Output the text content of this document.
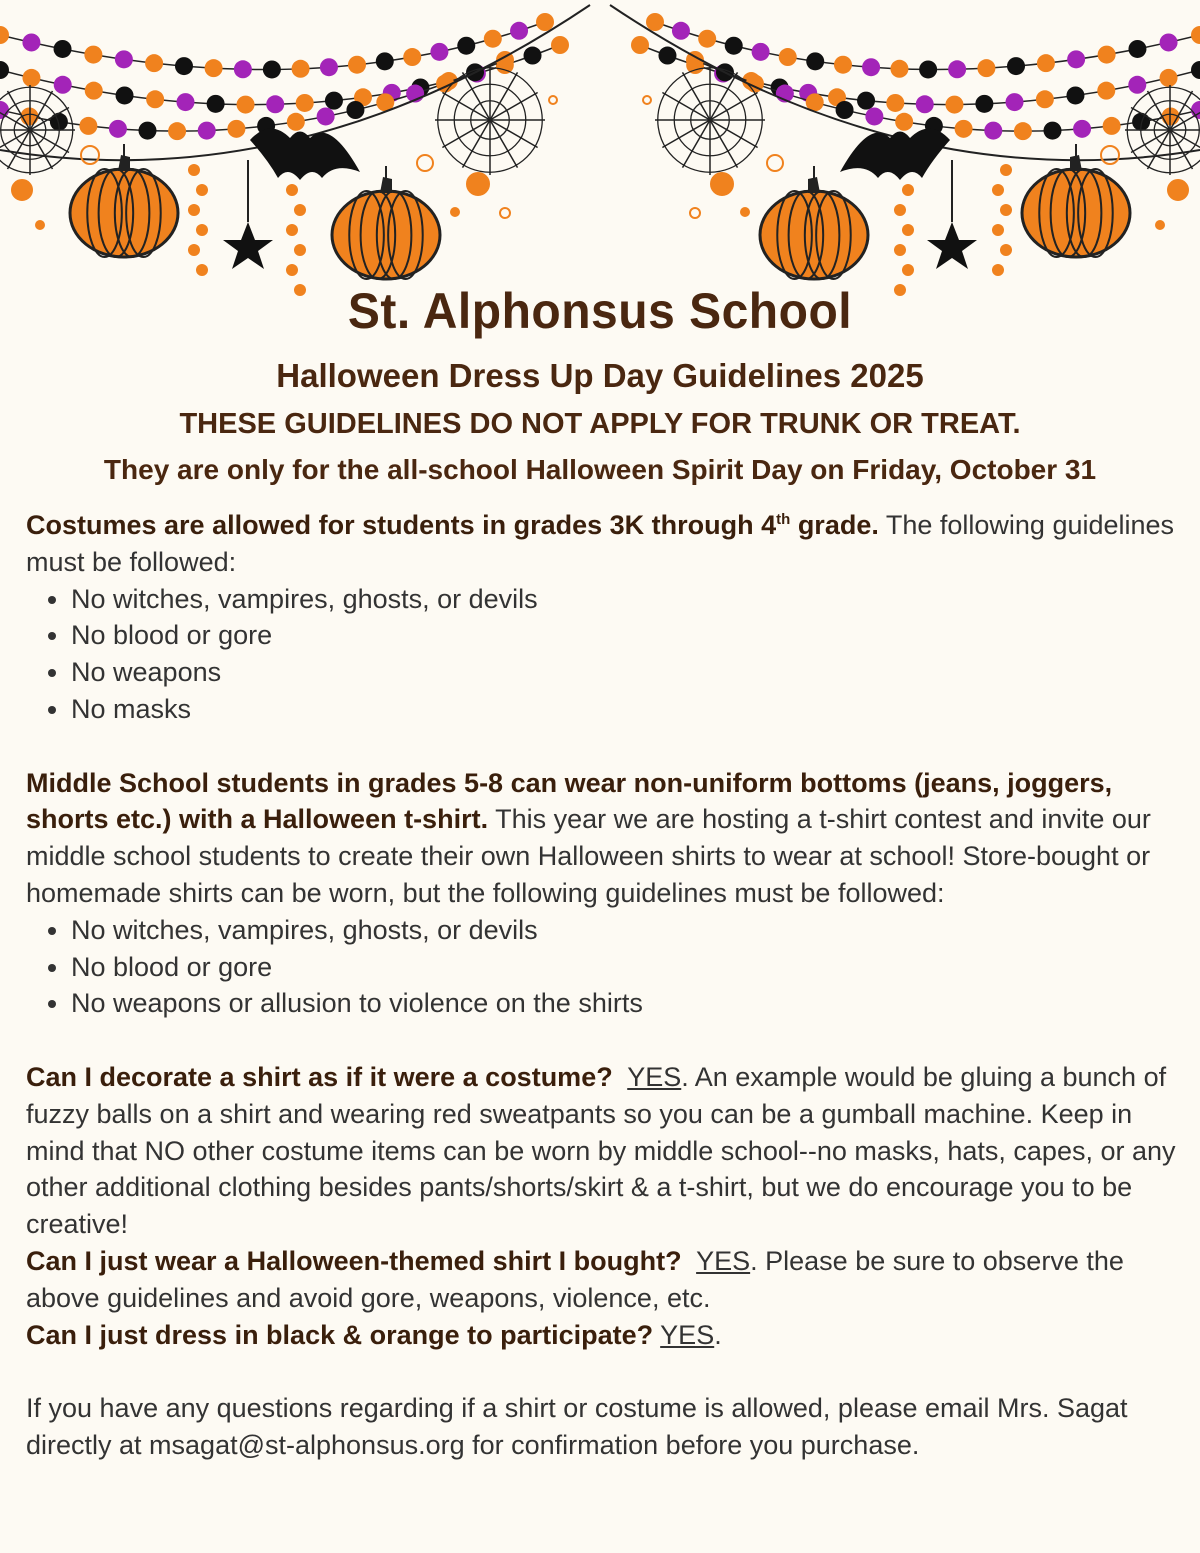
St. Alphonsus School
Halloween Dress Up Day Guidelines 2025
THESE GUIDELINES DO NOT APPLY FOR TRUNK OR TREAT.
They are only for the all-school Halloween Spirit Day on Friday, October 31

Costumes are allowed for students in grades 3K through 4th grade. The following guidelines must be followed:

• No witches, vampires, ghosts, or devils
• No blood or gore
• No weapons
• No masks

Middle School students in grades 5-8 can wear non-uniform bottoms (jeans, joggers, shorts etc.) with a Halloween t-shirt. This year we are hosting a t-shirt contest and invite our middle school students to create their own Halloween shirts to wear at school! Store-bought or homemade shirts can be worn, but the following guidelines must be followed:

• No witches, vampires, ghosts, or devils
• No blood or gore
• No weapons or allusion to violence on the shirts

Can I decorate a shirt as if it were a costume? YES. An example would be gluing a bunch of fuzzy balls on a shirt and wearing red sweatpants so you can be a gumball machine. Keep in mind that NO other costume items can be worn by middle school--no masks, hats, capes, or any other additional clothing besides pants/shorts/skirt & a t-shirt, but we do encourage you to be creative!

Can I just wear a Halloween-themed shirt I bought? YES. Please be sure to observe the above guidelines and avoid gore, weapons, violence, etc.

Can I just dress in black & orange to participate? YES.

If you have any questions regarding if a shirt or costume is allowed, please email Mrs. Sagat directly at msagat@st-alphonsus.org for confirmation before you purchase.
